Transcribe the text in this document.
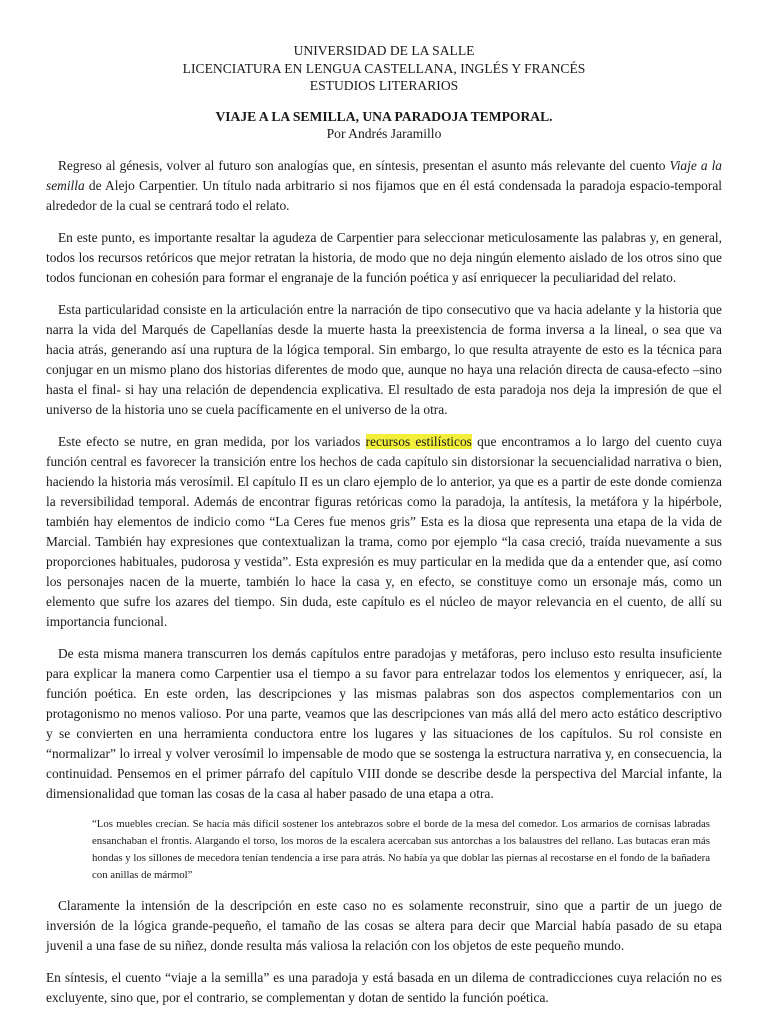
UNIVERSIDAD DE LA SALLE
LICENCIATURA EN LENGUA CASTELLANA, INGLÉS Y FRANCÉS
ESTUDIOS LITERARIOS
VIAJE A LA SEMILLA, UNA PARADOJA TEMPORAL.
Por Andrés Jaramillo

Regreso al génesis, volver al futuro son analogías que, en síntesis, presentan el asunto más relevante del cuento Viaje a la semilla de Alejo Carpentier. Un título nada arbitrario si nos fijamos que en él está condensada la paradoja espacio-temporal alrededor de la cual se centrará todo el relato.

En este punto, es importante resaltar la agudeza de Carpentier para seleccionar meticulosamente las palabras y, en general, todos los recursos retóricos que mejor retratan la historia, de modo que no deja ningún elemento aislado de los otros sino que todos funcionan en cohesión para formar el engranaje de la función poética y así enriquecer la peculiaridad del relato.

Esta particularidad consiste en la articulación entre la narración de tipo consecutivo que va hacia adelante y la historia que narra la vida del Marqués de Capellanías desde la muerte hasta la preexistencia de forma inversa a la lineal, o sea que va hacia atrás, generando así una ruptura de la lógica temporal. Sin embargo, lo que resulta atrayente de esto es la técnica para conjugar en un mismo plano dos historias diferentes de modo que, aunque no haya una relación directa de causa-efecto –sino hasta el final- si hay una relación de dependencia explicativa. El resultado de esta paradoja nos deja la impresión de que el universo de la historia uno se cuela pacíficamente en el universo de la otra.

Este efecto se nutre, en gran medida, por los variados recursos estilísticos que encontramos a lo largo del cuento cuya función central es favorecer la transición entre los hechos de cada capítulo sin distorsionar la secuencialidad narrativa o bien, haciendo la historia más verosímil. El capítulo II es un claro ejemplo de lo anterior, ya que es a partir de este donde comienza la reversibilidad temporal. Además de encontrar figuras retóricas como la paradoja, la antítesis, la metáfora y la hipérbole, también hay elementos de indicio como “La Ceres fue menos gris” Esta es la diosa que representa una etapa de la vida de Marcial. También hay expresiones que contextualizan la trama, como por ejemplo “la casa creció, traída nuevamente a sus proporciones habituales, pudorosa y vestida”. Esta expresión es muy particular en la medida que da a entender que, así como los personajes nacen de la muerte, también lo hace la casa y, en efecto, se constituye como un ersonaje más, como un elemento que sufre los azares del tiempo. Sin duda, este capítulo es el núcleo de mayor relevancia en el cuento, de allí su importancia funcional.

De esta misma manera transcurren los demás capítulos entre paradojas y metáforas, pero incluso esto resulta insuficiente para explicar la manera como Carpentier usa el tiempo a su favor para entrelazar todos los elementos y enriquecer, así, la función poética. En este orden, las descripciones y las mismas palabras son dos aspectos complementarios con un protagonismo no menos valioso. Por una parte, veamos que las descripciones van más allá del mero acto estático descriptivo y se convierten en una herramienta conductora entre los lugares y las situaciones de los capítulos. Su rol consiste en “normalizar” lo irreal y volver verosímil lo impensable de modo que se sostenga la estructura narrativa y, en consecuencia, la continuidad. Pensemos en el primer párrafo del capítulo VIII donde se describe desde la perspectiva del Marcial infante, la dimensionalidad que toman las cosas de la casa al haber pasado de una etapa a otra.

“Los muebles crecían. Se hacía más difícil sostener los antebrazos sobre el borde de la mesa del comedor. Los armarios de cornisas labradas ensanchaban el frontis. Alargando el torso, los moros de la escalera acercaban sus antorchas a los balaustres del rellano. Las butacas eran más hondas y los sillones de mecedora tenían tendencia a irse para atrás. No había ya que doblar las piernas al recostarse en el fondo de la bañadera con anillas de mármol”

Claramente la intensión de la descripción en este caso no es solamente reconstruir, sino que a partir de un juego de inversión de la lógica grande-pequeño, el tamaño de las cosas se altera para decir que Marcial había pasado de su etapa juvenil a una fase de su niñez, donde resulta más valiosa la relación con los objetos de este pequeño mundo.

En síntesis, el cuento “viaje a la semilla” es una paradoja y está basada en un dilema de contradicciones cuya relación no es excluyente, sino que, por el contrario, se complementan y dotan de sentido la función poética.
